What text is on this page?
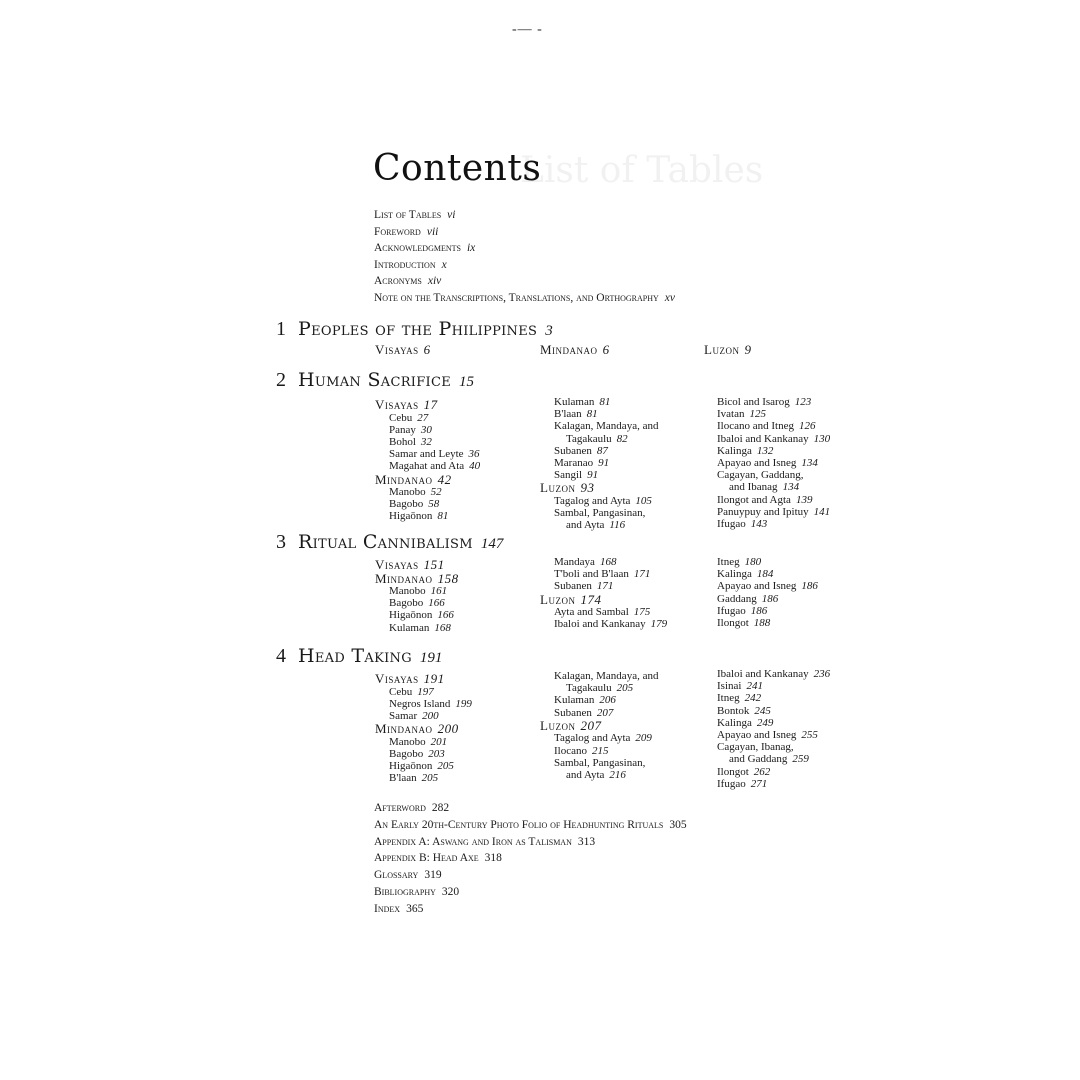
-— -
List of Tables
Contents
List of Tables vi
Foreword vii
Acknowledgments ix
Introduction x
Acronyms xiv
Note on the Transcriptions, Translations, and Orthography xv
1 Peoples of the Philippines 3
Visayas 6	Mindanao 6	Luzon 9
2 Human Sacrifice 15
Visayas 17
Cebu 27
Panay 30
Bohol 32
Samar and Leyte 36
Magahat and Ata 40
Mindanao 42
Manobo 52
Bagobo 58
Higaōnon 81
Kulaman 81
B'laan 81
Kalagan, Mandaya, and
Tagakaulu 82
Subanen 87
Maranao 91
Sangil 91
Luzon 93
Tagalog and Ayta 105
Sambal, Pangasinan,
and Ayta 116
Bicol and Isarog 123
Ivatan 125
Ilocano and Itneg 126
Ibaloi and Kankanay 130
Kalinga 132
Apayao and Isneg 134
Cagayan, Gaddang,
and Ibanag 134
Ilongot and Agta 139
Panuypuy and Ipituy 141
Ifugao 143
3 Ritual Cannibalism 147
Visayas 151
Mindanao 158
Manobo 161
Bagobo 166
Higaōnon 166
Kulaman 168
Mandaya 168
T'boli and B'laan 171
Subanen 171
Luzon 174
Ayta and Sambal 175
Ibaloi and Kankanay 179
Itneg 180
Kalinga 184
Apayao and Isneg 186
Gaddang 186
Ifugao 186
Ilongot 188
4 Head Taking 191
Visayas 191
Cebu 197
Negros Island 199
Samar 200
Mindanao 200
Manobo 201
Bagobo 203
Higaōnon 205
B'laan 205
Kalagan, Mandaya, and
Tagakaulu 205
Kulaman 206
Subanen 207
Luzon 207
Tagalog and Ayta 209
Ilocano 215
Sambal, Pangasinan,
and Ayta 216
Ibaloi and Kankanay 236
Isinai 241
Itneg 242
Bontok 245
Kalinga 249
Apayao and Isneg 255
Cagayan, Ibanag,
and Gaddang 259
Ilongot 262
Ifugao 271
Afterword 282
An Early 20th-Century Photo Folio of Headhunting Rituals 305
Appendix A: Aswang and Iron as Talisman 313
Appendix B: Head Axe 318
Glossary 319
Bibliography 320
Index 365
